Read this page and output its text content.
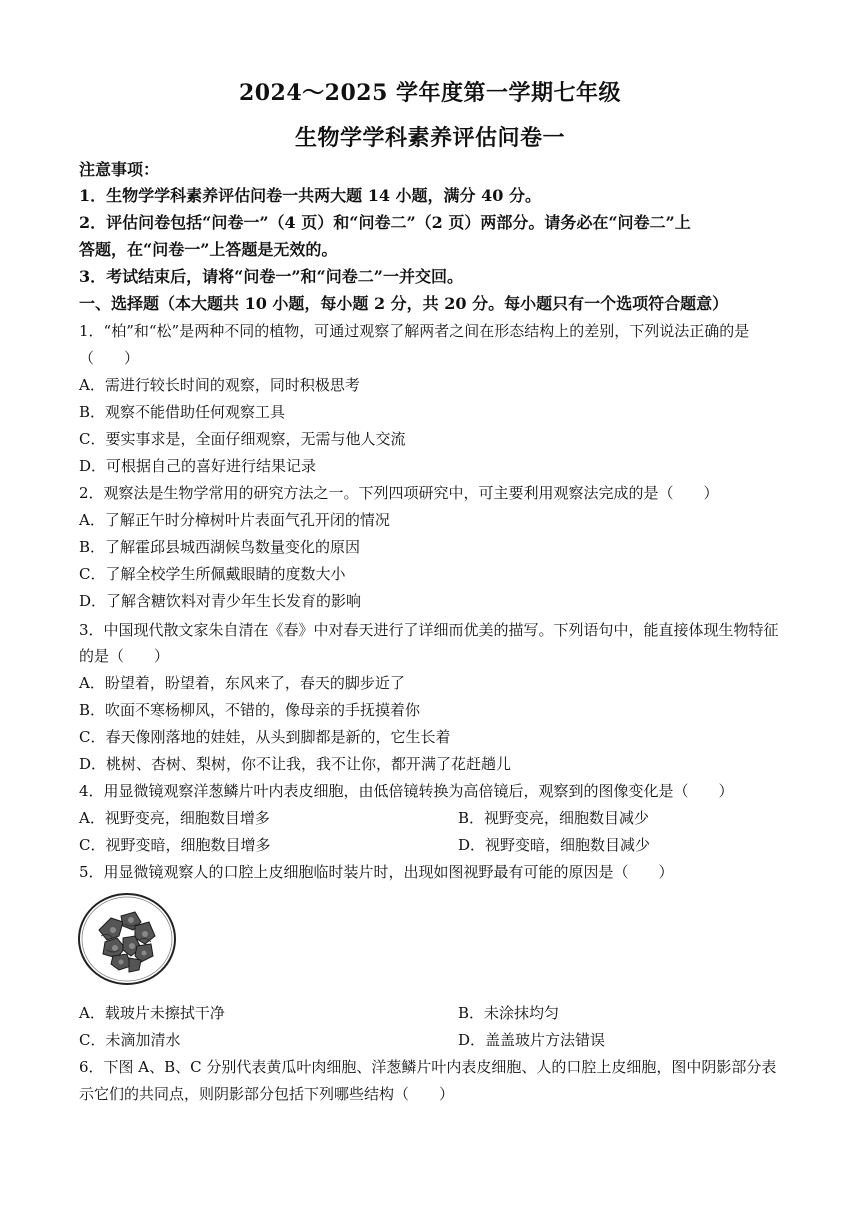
2024～2025 学年度第一学期七年级
生物学学科素养评估问卷一
注意事项：
1．生物学学科素养评估问卷一共两大题 14 小题，满分 40 分。
2．评估问卷包括“问卷一”（4 页）和“问卷二”（2 页）两部分。请务必在“问卷二”上
答题，在“问卷一”上答题是无效的。
3．考试结束后，请将“问卷一”和“问卷二”一并交回。
一、选择题（本大题共 10 小题，每小题 2 分，共 20 分。每小题只有一个选项符合题意）
1．“柏”和“松”是两种不同的植物，可通过观察了解两者之间在形态结构上的差别，下列说法正确的是
（　　）
A．需进行较长时间的观察，同时积极思考
B．观察不能借助任何观察工具
C．要实事求是，全面仔细观察，无需与他人交流
D．可根据自己的喜好进行结果记录
2．观察法是生物学常用的研究方法之一。下列四项研究中，可主要利用观察法完成的是（　　）
A．了解正午时分樟树叶片表面气孔开闭的情况
B．了解霍邱县城西湖候鸟数量变化的原因
C．了解全校学生所佩戴眼睛的度数大小
D．了解含糖饮料对青少年生长发育的影响
3．中国现代散文家朱自清在《春》中对春天进行了详细而优美的描写。下列语句中，能直接体现生物特征
的是（　　）
A．盼望着，盼望着，东风来了，春天的脚步近了
B．吹面不寒杨柳风，不错的，像母亲的手抚摸着你
C．春天像刚落地的娃娃，从头到脚都是新的，它生长着
D．桃树、杏树、梨树，你不让我，我不让你，都开满了花赶趟儿
4．用显微镜观察洋葱鳞片叶内表皮细胞，由低倍镜转换为高倍镜后，观察到的图像变化是（　　）
A．视野变亮，细胞数目增多	B．视野变亮，细胞数目减少
C．视野变暗，细胞数目增多	D．视野变暗，细胞数目减少
5．用显微镜观察人的口腔上皮细胞临时装片时，出现如图视野最有可能的原因是（　　）
A．载玻片未擦拭干净	B．未涂抹均匀
C．未滴加清水	D．盖盖玻片方法错误
6．下图 A、B、C 分别代表黄瓜叶肉细胞、洋葱鳞片叶内表皮细胞、人的口腔上皮细胞，图中阴影部分表
示它们的共同点，则阴影部分包括下列哪些结构（　　）
